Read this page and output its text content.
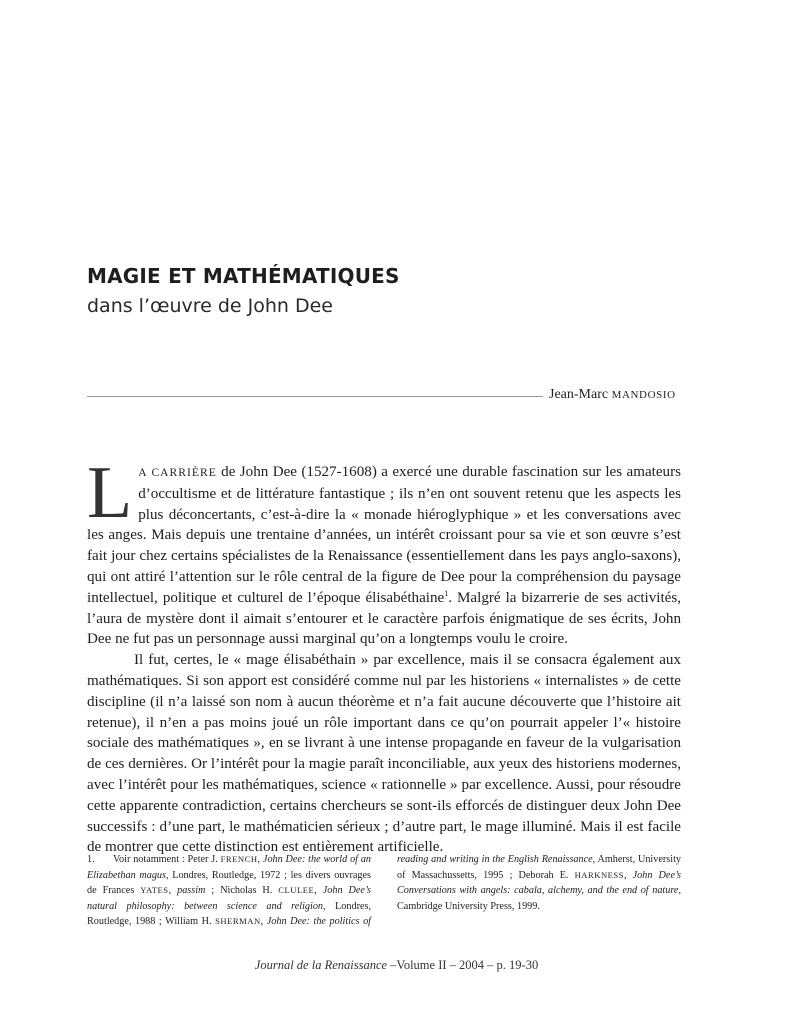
MAGIE ET MATHÉMATIQUES
dans l’œuvre de John Dee
Jean-Marc MANDOSIO

LA CARRIÈRE de John Dee (1527-1608) a exercé une durable fascination sur les amateurs d’occultisme et de littérature fantastique ; ils n’en ont souvent retenu que les aspects les plus déconcertants, c’est-à-dire la « monade hiéroglyphique » et les conversations avec les anges. Mais depuis une trentaine d’années, un intérêt croissant pour sa vie et son œuvre s’est fait jour chez certains spécialistes de la Renaissance (essentiellement dans les pays anglo-saxons), qui ont attiré l’attention sur le rôle central de la figure de Dee pour la compréhension du paysage intellectuel, politique et culturel de l’époque élisabéthaine$^1$. Malgré la bizarrerie de ses activités, l’aura de mystère dont il aimait s’entourer et le caractère parfois énigmatique de ses écrits, John Dee ne fut pas un personnage aussi marginal qu’on a longtemps voulu le croire.

Il fut, certes, le « mage élisabéthain » par excellence, mais il se consacra également aux mathématiques. Si son apport est considéré comme nul par les historiens « internalistes » de cette discipline (il n’a laissé son nom à aucun théorème et n’a fait aucune découverte que l’histoire ait retenue), il n’en a pas moins joué un rôle important dans ce qu’on pourrait appeler l’« histoire sociale des mathématiques », en se livrant à une intense propagande en faveur de la vulgarisation de ces dernières. Or l’intérêt pour la magie paraît inconciliable, aux yeux des historiens modernes, avec l’intérêt pour les mathématiques, science « rationnelle » par excellence. Aussi, pour résoudre cette apparente contradiction, certains chercheurs se sont-ils efforcés de distinguer deux John Dee successifs : d’une part, le mathématicien sérieux ; d’autre part, le mage illuminé. Mais il est facile de montrer que cette distinction est entièrement artificielle.

1. Voir notamment : Peter J. FRENCH, John Dee: the world of an Elizabethan magus, Londres, Routledge, 1972 ; les divers ouvrages de Frances YATES, passim ; Nicholas H. CLULEE, John Dee’s natural philosophy: between science and religion, Londres, Routledge, 1988 ; William H. SHERMAN, John Dee: the politics of reading and writing in the English Renaissance, Amherst, University of Massachussetts, 1995 ; Deborah E. HARKNESS, John Dee’s Conversations with angels: cabala, alchemy, and the end of nature, Cambridge University Press, 1999.

Journal de la Renaissance –Volume II – 2004 – p. 19-30
